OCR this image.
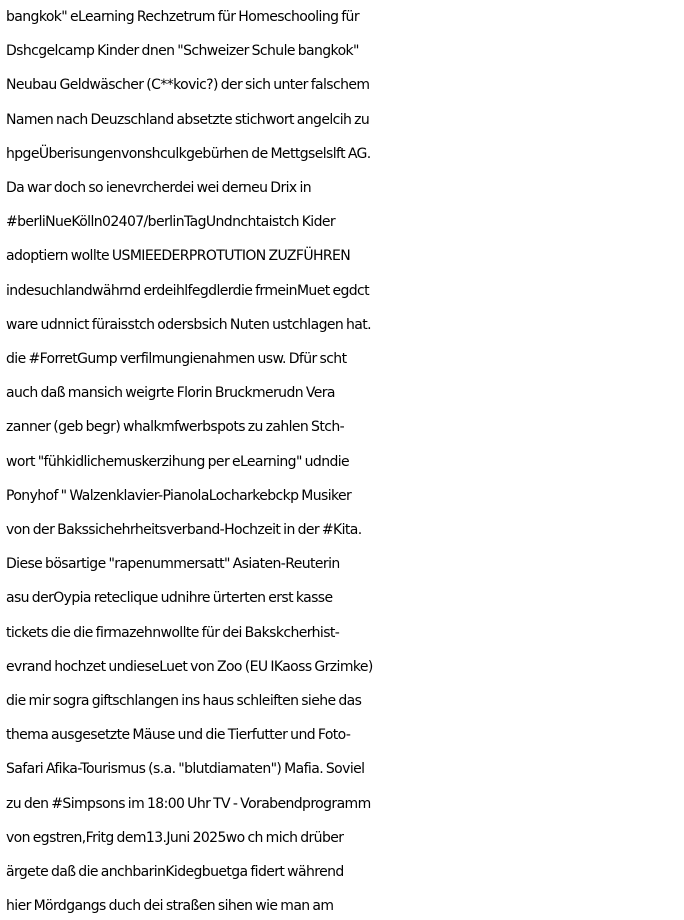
bangkok" eLearning Rechzetrum für Homeschooling für
Dshcgelcamp Kinder dnen "Schweizer Schule bangkok"
Neubau Geldwäscher (C**kovic?) der sich unter falschem
Namen nach Deuzschland absetzte stichwort angelcih zu
hpgeÜberisungenvonshculkgebürhen de Mettgselslft AG.
Da war doch so ienevrcherdei wei derneu Drix in
#berliNueKölln02407/berlinTagUndnchtaistch Kider
adoptiern wollte USMIEEDERPROTUTION ZUZFÜHREN
indesuchlandwährnd erdeihlfegdlerdie frmeinMuet egdct
ware udnnict füraisstch odersbsich Nuten ustchlagen hat.
die #ForretGump verfilmungienahmen usw. Dfür scht
auch daß mansich weigrte Florin Bruckmerudn Vera
zanner (geb begr) whalkmfwerbspots zu zahlen Stch-
wort "fühkidlichemuskerzihung per eLearning" udndie
Ponyhof " Walzenklavier-PianolaLocharkebckp Musiker
von der Bakssichehrheitsverband-Hochzeit in der #Kita.
Diese bösartige "rapenummersatt" Asiaten-Reuterin
asu derOypia reteclique udnihre ürterten erst kasse
tickets die die firmazehnwollte für dei Bakskcherhist-
evrand hochzet undieseLuet von Zoo (EU IKaoss Grzimke)
die mir sogra giftschlangen ins haus schleiften siehe das
thema ausgesetzte Mäuse und die Tierfutter und Foto-
Safari Afika-Tourismus (s.a. "blutdiamaten") Mafia. Soviel
zu den #Simpsons im 18:00 Uhr TV - Vorabendprogramm
von egstren,Fritg dem13.Juni 2025wo ch mich drüber
ärgete daß die anchbarinKidegbuetga fidert während
hier Mördgangs duch dei straßen sihen wie man am
